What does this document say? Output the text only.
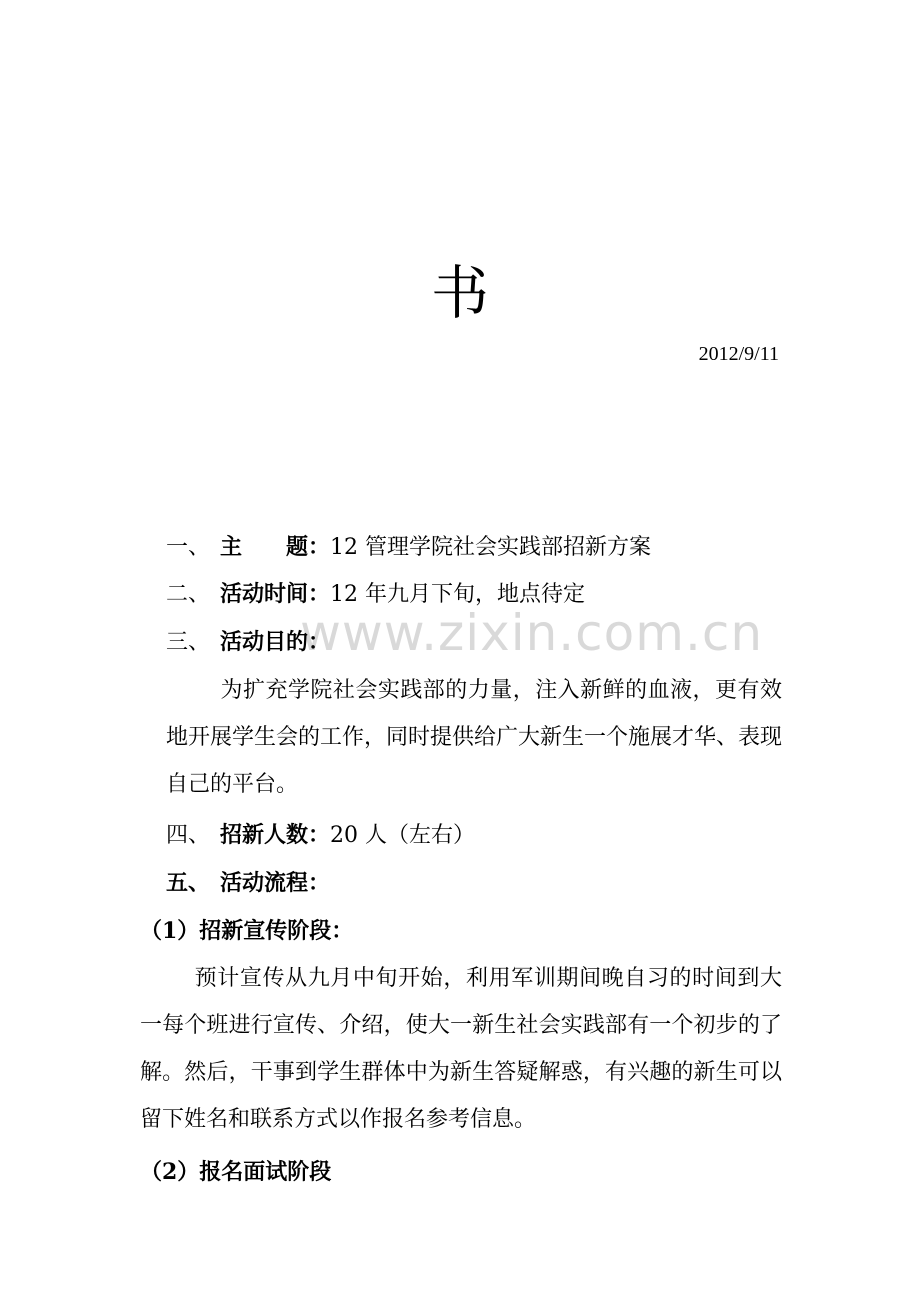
书
2012/9/11
www.zixin.com.cn
一、 主　　题：12 管理学院社会实践部招新方案
二、 活动时间：12 年九月下旬，地点待定
三、 活动目的：
为扩充学院社会实践部的力量，注入新鲜的血液，更有效地开展学生会的工作，同时提供给广大新生一个施展才华、表现自己的平台。
四、 招新人数：20 人（左右）
五、 活动流程：
（1）招新宣传阶段：
预计宣传从九月中旬开始，利用军训期间晚自习的时间到大一每个班进行宣传、介绍，使大一新生社会实践部有一个初步的了解。然后，干事到学生群体中为新生答疑解惑，有兴趣的新生可以留下姓名和联系方式以作报名参考信息。
（2）报名面试阶段
